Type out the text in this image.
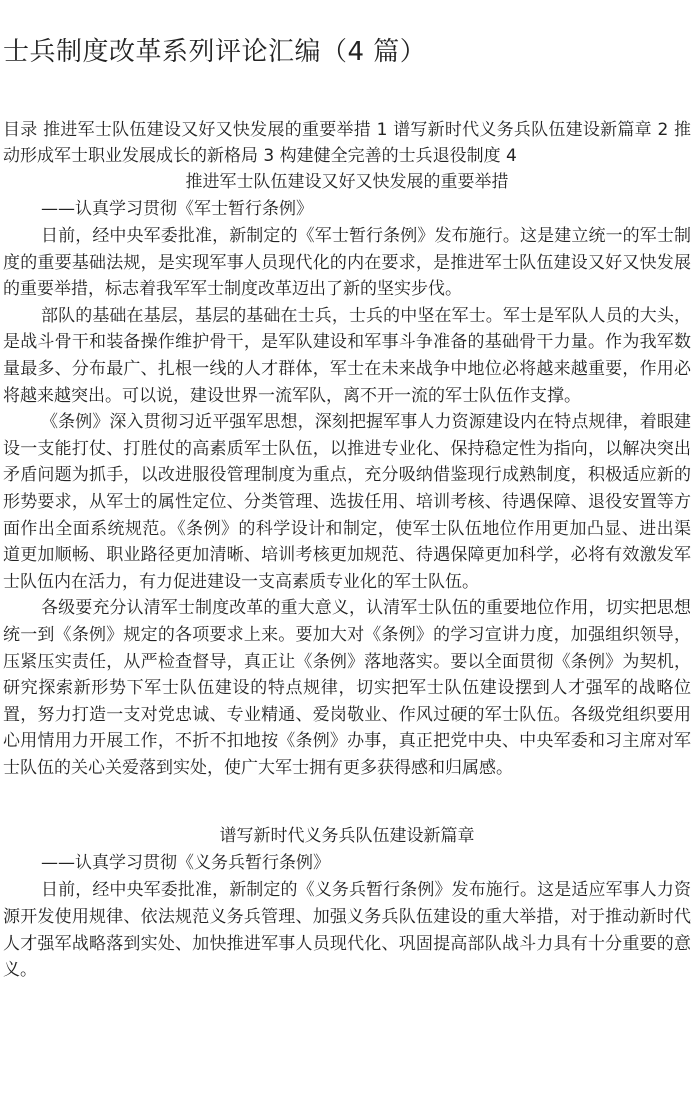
士兵制度改革系列评论汇编（4 篇）

目录 推进军士队伍建设又好又快发展的重要举措 1 谱写新时代义务兵队伍建设新篇章 2 推动形成军士职业发展成长的新格局 3 构建健全完善的士兵退役制度 4

推进军士队伍建设又好又快发展的重要举措

——认真学习贯彻《军士暂行条例》

日前，经中央军委批准，新制定的《军士暂行条例》发布施行。这是建立统一的军士制度的重要基础法规，是实现军事人员现代化的内在要求，是推进军士队伍建设又好又快发展的重要举措，标志着我军军士制度改革迈出了新的坚实步伐。

部队的基础在基层，基层的基础在士兵，士兵的中坚在军士。军士是军队人员的大头，是战斗骨干和装备操作维护骨干，是军队建设和军事斗争准备的基础骨干力量。作为我军数量最多、分布最广、扎根一线的人才群体，军士在未来战争中地位必将越来越重要，作用必将越来越突出。可以说，建设世界一流军队，离不开一流的军士队伍作支撑。

《条例》深入贯彻习近平强军思想，深刻把握军事人力资源建设内在特点规律，着眼建设一支能打仗、打胜仗的高素质军士队伍，以推进专业化、保持稳定性为指向，以解决突出矛盾问题为抓手，以改进服役管理制度为重点，充分吸纳借鉴现行成熟制度，积极适应新的形势要求，从军士的属性定位、分类管理、选拔任用、培训考核、待遇保障、退役安置等方面作出全面系统规范。《条例》的科学设计和制定，使军士队伍地位作用更加凸显、进出渠道更加顺畅、职业路径更加清晰、培训考核更加规范、待遇保障更加科学，必将有效激发军士队伍内在活力，有力促进建设一支高素质专业化的军士队伍。

各级要充分认清军士制度改革的重大意义，认清军士队伍的重要地位作用，切实把思想统一到《条例》规定的各项要求上来。要加大对《条例》的学习宣讲力度，加强组织领导，压紧压实责任，从严检查督导，真正让《条例》落地落实。要以全面贯彻《条例》为契机，研究探索新形势下军士队伍建设的特点规律，切实把军士队伍建设摆到人才强军的战略位置，努力打造一支对党忠诚、专业精通、爱岗敬业、作风过硬的军士队伍。各级党组织要用心用情用力开展工作，不折不扣地按《条例》办事，真正把党中央、中央军委和习主席对军士队伍的关心关爱落到实处，使广大军士拥有更多获得感和归属感。

谱写新时代义务兵队伍建设新篇章

——认真学习贯彻《义务兵暂行条例》

日前，经中央军委批准，新制定的《义务兵暂行条例》发布施行。这是适应军事人力资源开发使用规律、依法规范义务兵管理、加强义务兵队伍建设的重大举措，对于推动新时代人才强军战略落到实处、加快推进军事人员现代化、巩固提高部队战斗力具有十分重要的意义。
